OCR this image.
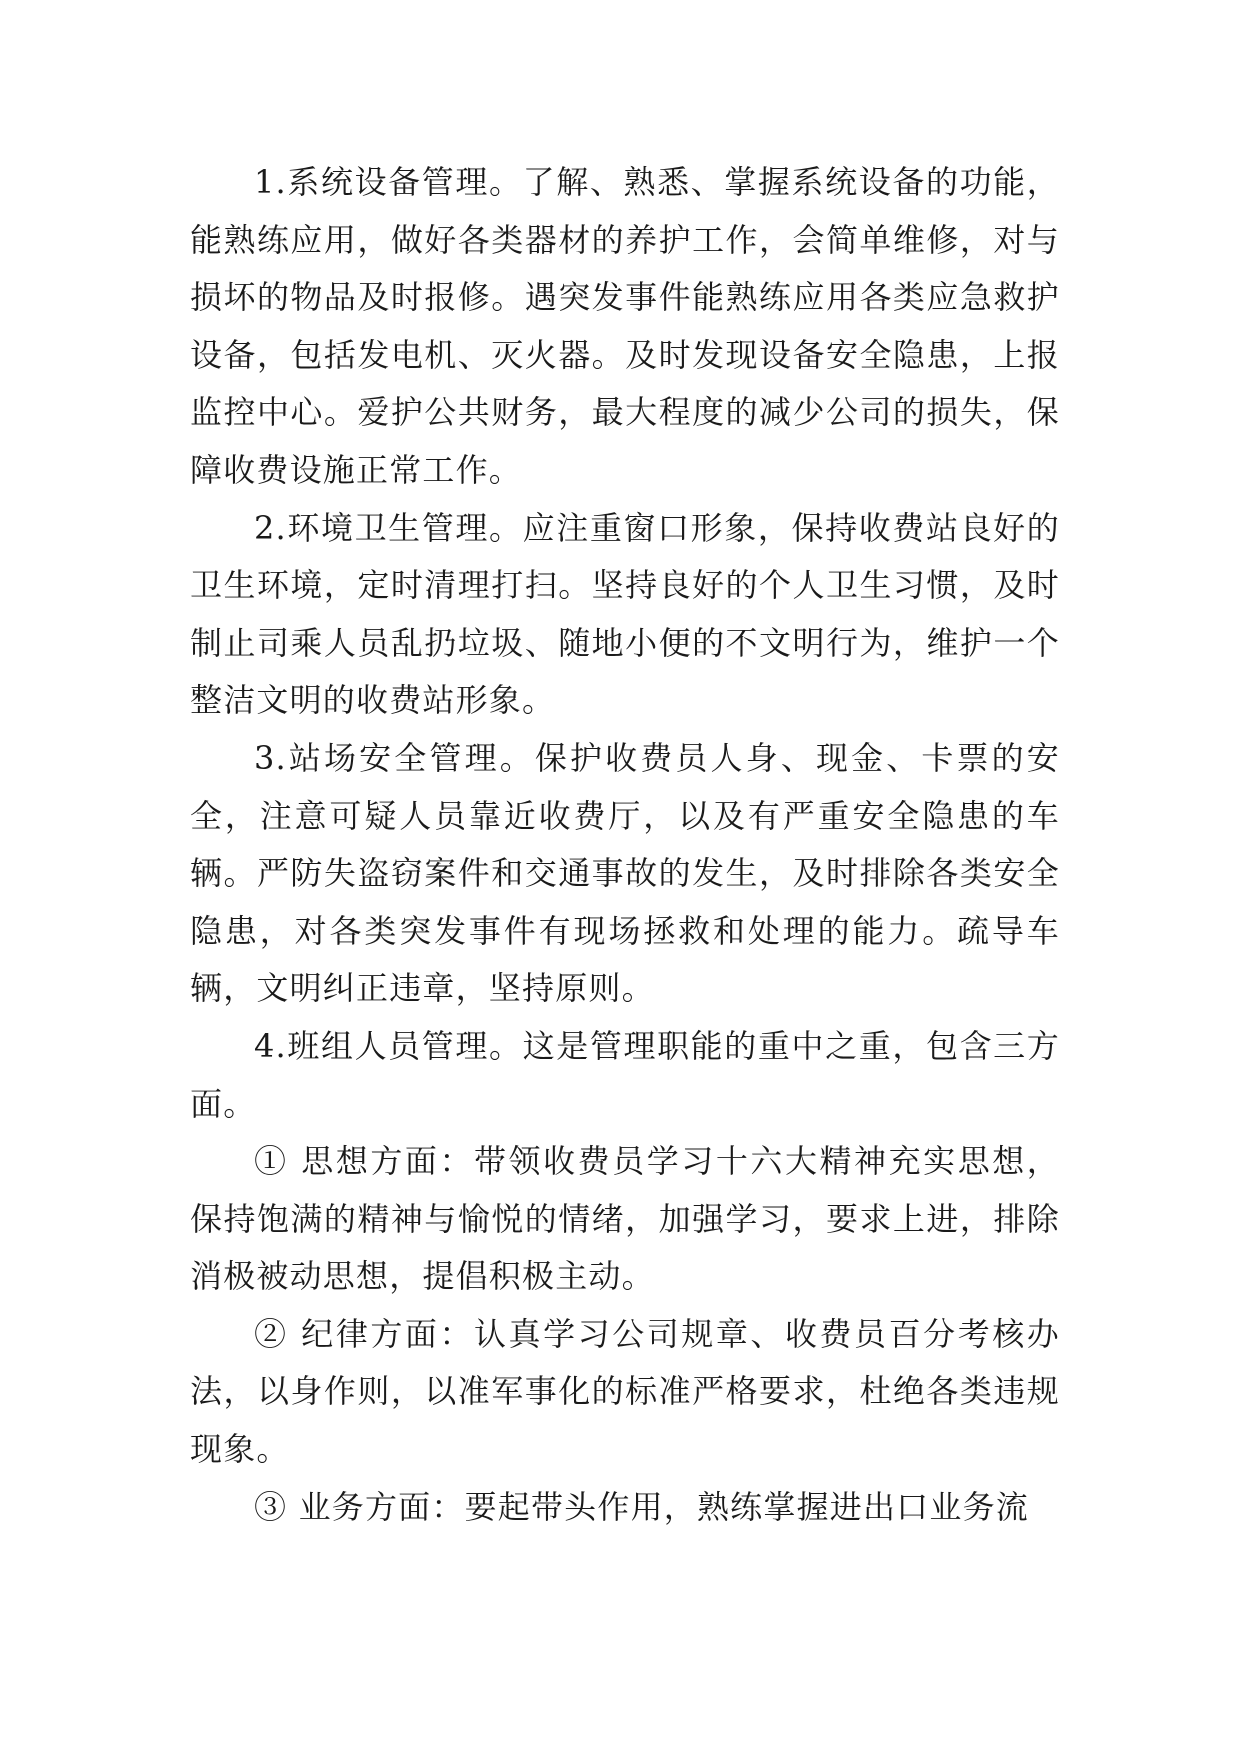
1.系统设备管理。了解、熟悉、掌握系统设备的功能，能熟练应用，做好各类器材的养护工作，会简单维修，对与损坏的物品及时报修。遇突发事件能熟练应用各类应急救护设备，包括发电机、灭火器。及时发现设备安全隐患，上报监控中心。爱护公共财务，最大程度的减少公司的损失，保障收费设施正常工作。

2.环境卫生管理。应注重窗口形象，保持收费站良好的卫生环境，定时清理打扫。坚持良好的个人卫生习惯，及时制止司乘人员乱扔垃圾、随地小便的不文明行为，维护一个整洁文明的收费站形象。

3.站场安全管理。保护收费员人身、现金、卡票的安全，注意可疑人员靠近收费厅，以及有严重安全隐患的车辆。严防失盗窃案件和交通事故的发生，及时排除各类安全隐患，对各类突发事件有现场拯救和处理的能力。疏导车辆，文明纠正违章，坚持原则。

4.班组人员管理。这是管理职能的重中之重，包含三方面。

① 思想方面：带领收费员学习十六大精神充实思想，保持饱满的精神与愉悦的情绪，加强学习，要求上进，排除消极被动思想，提倡积极主动。

② 纪律方面：认真学习公司规章、收费员百分考核办法，以身作则，以准军事化的标准严格要求，杜绝各类违规现象。

③ 业务方面：要起带头作用，熟练掌握进出口业务流
